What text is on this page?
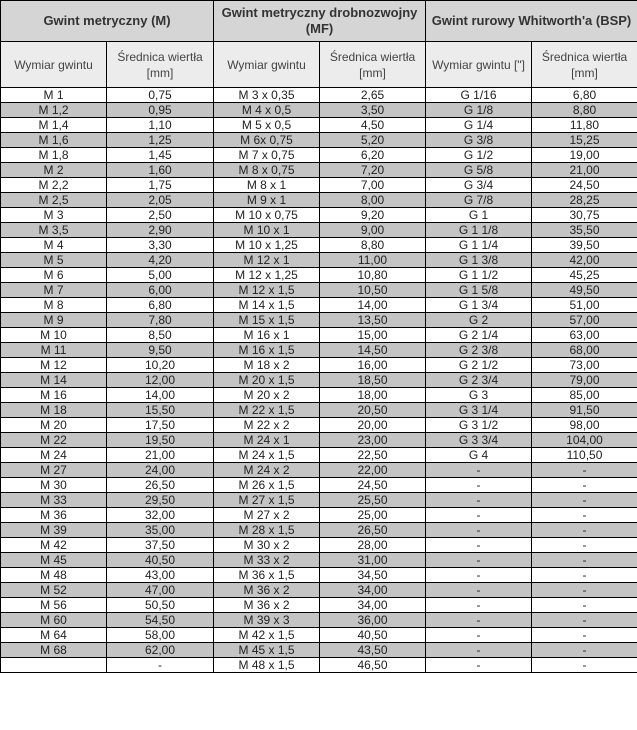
Gwint metryczny (M)		Gwint metryczny drobnozwojny (MF)		Gwint rurowy Whitworth'a (BSP)	
Wymiar gwintu	Średnica wiertła [mm]	Wymiar gwintu	Średnica wiertła [mm]	Wymiar gwintu ["]	Średnica wiertła [mm]
M 1	0,75	M 3 x 0,35	2,65	G 1/16	6,80
M 1,2	0,95	M 4 x 0,5	3,50	G 1/8	8,80
M 1,4	1,10	M 5 x 0,5	4,50	G 1/4	11,80
M 1,6	1,25	M 6x 0,75	5,20	G 3/8	15,25
M 1,8	1,45	M 7 x 0,75	6,20	G 1/2	19,00
M 2	1,60	M 8 x 0,75	7,20	G 5/8	21,00
M 2,2	1,75	M 8 x 1	7,00	G 3/4	24,50
M 2,5	2,05	M 9 x 1	8,00	G 7/8	28,25
M 3	2,50	M 10 x 0,75	9,20	G 1	30,75
M 3,5	2,90	M 10 x 1	9,00	G 1 1/8	35,50
M 4	3,30	M 10 x 1,25	8,80	G 1 1/4	39,50
M 5	4,20	M 12 x 1	11,00	G 1 3/8	42,00
M 6	5,00	M 12 x 1,25	10,80	G 1 1/2	45,25
M 7	6,00	M 12 x 1,5	10,50	G 1 5/8	49,50
M 8	6,80	M 14 x 1,5	14,00	G 1 3/4	51,00
M 9	7,80	M 15 x 1,5	13,50	G 2	57,00
M 10	8,50	M 16 x 1	15,00	G 2 1/4	63,00
M 11	9,50	M 16 x 1,5	14,50	G 2 3/8	68,00
M 12	10,20	M 18 x 2	16,00	G 2 1/2	73,00
M 14	12,00	M 20 x 1,5	18,50	G 2 3/4	79,00
M 16	14,00	M 20 x 2	18,00	G 3	85,00
M 18	15,50	M 22 x 1,5	20,50	G 3 1/4	91,50
M 20	17,50	M 22 x 2	20,00	G 3 1/2	98,00
M 22	19,50	M 24 x 1	23,00	G 3 3/4	104,00
M 24	21,00	M 24 x 1,5	22,50	G 4	110,50
M 27	24,00	M 24 x 2	22,00	-	-
M 30	26,50	M 26 x 1,5	24,50	-	-
M 33	29,50	M 27 x 1,5	25,50	-	-
M 36	32,00	M 27 x 2	25,00	-	-
M 39	35,00	M 28 x 1,5	26,50	-	-
M 42	37,50	M 30 x 2	28,00	-	-
M 45	40,50	M 33 x 2	31,00	-	-
M 48	43,00	M 36 x 1,5	34,50	-	-
M 52	47,00	M 36 x 2	34,00	-	-
M 56	50,50	M 36 x 2	34,00	-	-
M 60	54,50	M 39 x 3	36,00	-	-
M 64	58,00	M 42 x 1,5	40,50	-	-
M 68	62,00	M 45 x 1,5	43,50	-	-
	-	M 48 x 1,5	46,50	-	-
